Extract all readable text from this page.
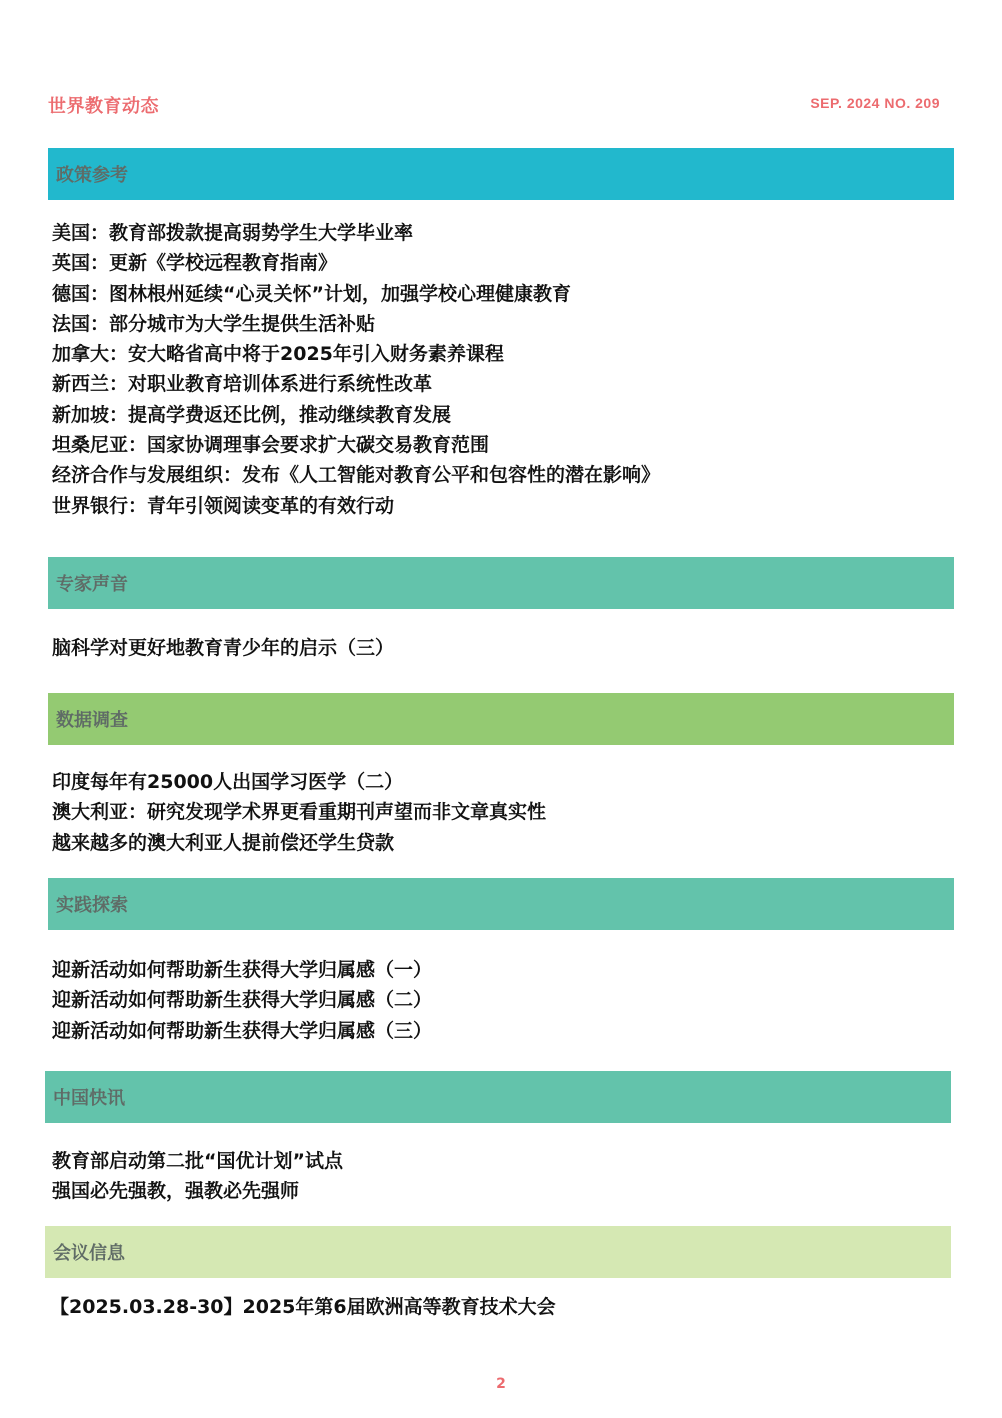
世界教育动态	SEP. 2024 NO. 209
政策参考
美国：教育部拨款提高弱势学生大学毕业率
英国：更新《学校远程教育指南》
德国：图林根州延续“心灵关怀”计划，加强学校心理健康教育
法国：部分城市为大学生提供生活补贴
加拿大：安大略省高中将于2025年引入财务素养课程
新西兰：对职业教育培训体系进行系统性改革
新加坡：提高学费返还比例，推动继续教育发展
坦桑尼亚：国家协调理事会要求扩大碳交易教育范围
经济合作与发展组织：发布《人工智能对教育公平和包容性的潜在影响》
世界银行：青年引领阅读变革的有效行动
专家声音
脑科学对更好地教育青少年的启示（三）
数据调查
印度每年有25000人出国学习医学（二）
澳大利亚：研究发现学术界更看重期刊声望而非文章真实性
越来越多的澳大利亚人提前偿还学生贷款
实践探索
迎新活动如何帮助新生获得大学归属感（一）
迎新活动如何帮助新生获得大学归属感（二）
迎新活动如何帮助新生获得大学归属感（三）
中国快讯
教育部启动第二批“国优计划”试点
强国必先强教，强教必先强师
会议信息
【2025.03.28-30】2025年第6届欧洲高等教育技术大会
2
